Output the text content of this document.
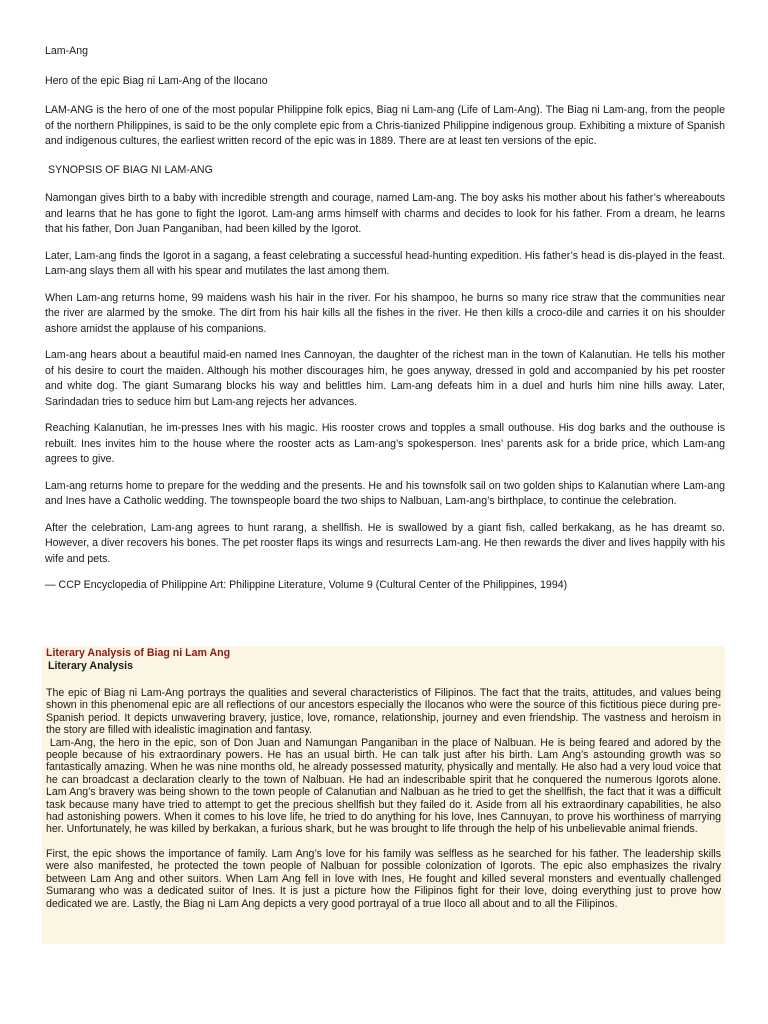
Lam-Ang

Hero of the epic Biag ni Lam-Ang of the Ilocano

LAM-ANG is the hero of one of the most popular Philippine folk epics, Biag ni Lam-ang (Life of Lam-Ang). The Biag ni Lam-ang, from the people of the northern Philippines, is said to be the only complete epic from a Chris-tianized Philippine indigenous group. Exhibiting a mixture of Spanish and indigenous cultures, the earliest written record of the epic was in 1889. There are at least ten versions of the epic.

SYNOPSIS OF BIAG NI LAM-ANG

Namongan gives birth to a baby with incredible strength and courage, named Lam-ang. The boy asks his mother about his father’s whereabouts and learns that he has gone to fight the Igorot. Lam-ang arms himself with charms and decides to look for his father. From a dream, he learns that his father, Don Juan Panganiban, had been killed by the Igorot.

Later, Lam-ang finds the Igorot in a sagang, a feast celebrating a successful head-hunting expedition. His father’s head is dis-played in the feast. Lam-ang slays them all with his spear and mutilates the last among them.

When Lam-ang returns home, 99 maidens wash his hair in the river. For his shampoo, he burns so many rice straw that the communities near the river are alarmed by the smoke. The dirt from his hair kills all the fishes in the river. He then kills a croco-dile and carries it on his shoulder ashore amidst the applause of his companions.

Lam-ang hears about a beautiful maid-en named Ines Cannoyan, the daughter of the richest man in the town of Kalanutian. He tells his mother of his desire to court the maiden. Although his mother discourages him, he goes anyway, dressed in gold and accompanied by his pet rooster and white dog. The giant Sumarang blocks his way and belittles him. Lam-ang defeats him in a duel and hurls him nine hills away. Later, Sarindadan tries to seduce him but Lam-ang rejects her advances.

Reaching Kalanutian, he im-presses Ines with his magic. His rooster crows and topples a small outhouse. His dog barks and the outhouse is rebuilt. Ines invites him to the house where the rooster acts as Lam-ang’s spokesperson. Ines’ parents ask for a bride price, which Lam-ang agrees to give.

Lam-ang returns home to prepare for the wedding and the presents. He and his townsfolk sail on two golden ships to Kalanutian where Lam-ang and Ines have a Catholic wedding. The townspeople board the two ships to Nalbuan, Lam-ang’s birthplace, to continue the celebration.

After the celebration, Lam-ang agrees to hunt rarang, a shellfish. He is swallowed by a giant fish, called berkakang, as he has dreamt so. However, a diver recovers his bones. The pet rooster flaps its wings and resurrects Lam-ang. He then rewards the diver and lives happily with his wife and pets.

— CCP Encyclopedia of Philippine Art: Philippine Literature, Volume 9 (Cultural Center of the Philippines, 1994)

Literary Analysis of Biag ni Lam Ang

Literary Analysis

The epic of Biag ni Lam-Ang portrays the qualities and several characteristics of Filipinos. The fact that the traits, attitudes, and values being shown in this phenomenal epic are all reflections of our ancestors especially the Ilocanos who were the source of this fictitious piece during pre-Spanish period. It depicts unwavering bravery, justice, love, romance, relationship, journey and even friendship. The vastness and heroism in the story are filled with idealistic imagination and fantasy.

Lam-Ang, the hero in the epic, son of Don Juan and Namungan Panganiban in the place of Nalbuan. He is being feared and adored by the people because of his extraordinary powers. He has an usual birth. He can talk just after his birth. Lam Ang’s astounding growth was so fantastically amazing. When he was nine months old, he already possessed maturity, physically and mentally. He also had a very loud voice that he can broadcast a declaration clearly to the town of Nalbuan. He had an indescribable spirit that he conquered the numerous Igorots alone. Lam Ang’s bravery was being shown to the town people of Calanutian and Nalbuan as he tried to get the shellfish, the fact that it was a difficult task because many have tried to attempt to get the precious shellfish but they failed do it. Aside from all his extraordinary capabilities, he also had astonishing powers. When it comes to his love life, he tried to do anything for his love, Ines Cannuyan, to prove his worthiness of marrying her. Unfortunately, he was killed by berkakan, a furious shark, but he was brought to life through the help of his unbelievable animal friends.

First, the epic shows the importance of family. Lam Ang’s love for his family was selfless as he searched for his father. The leadership skills were also manifested, he protected the town people of Nalbuan for possible colonization of Igorots. The epic also emphasizes the rivalry between Lam Ang and other suitors. When Lam Ang fell in love with Ines, He fought and killed several monsters and eventually challenged Sumarang who was a dedicated suitor of Ines. It is just a picture how the Filipinos fight for their love, doing everything just to prove how dedicated we are. Lastly, the Biag ni Lam Ang depicts a very good portrayal of a true Iloco all about and to all the Filipinos.
